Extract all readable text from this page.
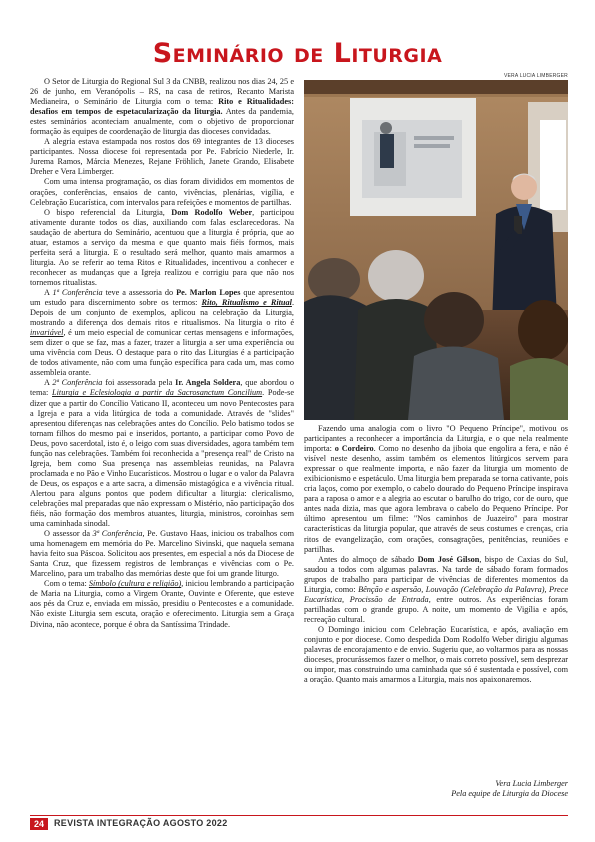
Seminário de Liturgia

O Setor de Liturgia do Regional Sul 3 da CNBB, realizou nos dias 24, 25 e 26 de junho, em Veranópolis – RS, na casa de retiros, Recanto Marista Medianeira, o Seminário de Liturgia com o tema: Rito e Ritualidades: desafios em tempos de espetacularização da liturgia. Antes da pandemia, estes seminários aconteciam anualmente, com o objetivo de proporcionar formação às equipes de coordenação de liturgia das dioceses convidadas.

A alegria estava estampada nos rostos dos 69 integrantes de 13 dioceses participantes. Nossa diocese foi representada por Pe. Fabrício Niederle, Ir. Jurema Ramos, Márcia Menezes, Rejane Fröhlich, Janete Grando, Elisabete Dreher e Vera Limberger.

Com uma intensa programação, os dias foram divididos em momentos de orações, conferências, ensaios de canto, vivências, plenárias, vigília, e Celebração Eucarística, com intervalos para refeições e momentos de partilhas.

O bispo referencial da Liturgia, Dom Rodolfo Weber, participou ativamente durante todos os dias, auxiliando com falas esclarecedoras. Na saudação de abertura do Seminário, acentuou que a liturgia é própria, que ao atuar, estamos a serviço da mesma e que quanto mais fiéis formos, mais perfeita será a liturgia. E o resultado será melhor, quanto mais amarmos a liturgia. Ao se referir ao tema Ritos e Ritualidades, incentivou a conhecer e reconhecer as mudanças que a Igreja realizou e corrigiu para que não nos tornemos ritualistas.

A 1ª Conferência teve a assessoria do Pe. Marlon Lopes que apresentou um estudo para discernimento sobre os termos: Rito, Ritualismo e Ritual. Depois de um conjunto de exemplos, aplicou na celebração da Liturgia, mostrando a diferença dos demais ritos e ritualismos. Na liturgia o rito é invariável, é um meio especial de comunicar certas mensagens e informações, sem dizer o que se faz, mas a fazer, trazer a liturgia a ser uma experiência ou uma vivência com Deus. O destaque para o rito das Liturgias é a participação de todos ativamente, não com uma função específica para cada um, mas como assembleia orante.

A 2ª Conferência foi assessorada pela Ir. Angela Soldera, que abordou o tema: Liturgia e Eclesiologia a partir da Sacrosanctum Concilium. Pode-se dizer que a partir do Concílio Vaticano II, aconteceu um novo Pentecostes para a Igreja e para a vida litúrgica de toda a comunidade. Através de "slides" apresentou diferenças nas celebrações antes do Concílio. Pelo batismo todos se tornam filhos do mesmo pai e inseridos, portanto, a participar como Povo de Deus, povo sacerdotal, isto é, o leigo com suas diversidades, agora também tem função nas celebrações. Também foi reconhecida a "presença real" de Cristo na Igreja, bem como Sua presença nas assembleias reunidas, na Palavra proclamada e no Pão e Vinho Eucarísticos. Mostrou o lugar e o valor da Palavra de Deus, os espaços e a arte sacra, a dimensão mistagógica e a vivência ritual. Alertou para alguns pontos que podem dificultar a liturgia: clericalismo, celebrações mal preparadas que não expressam o Mistério, não participação dos fiéis, não formação dos membros atuantes, liturgia, ministros, coroinhas sem uma caminhada sinodal.

O assessor da 3ª Conferência, Pe. Gustavo Haas, iniciou os trabalhos com uma homenagem em memória do Pe. Marcelino Sivinski, que naquela semana havia feito sua Páscoa. Solicitou aos presentes, em especial a nós da Diocese de Santa Cruz, que fizessem registros de lembranças e vivências com o Pe. Marcelino, para um trabalho das memórias deste que foi um grande liturgo.

Com o tema: Símbolo (cultura e religião), iniciou lembrando a participação de Maria na Liturgia, como a Virgem Orante, Ouvinte e Oferente, que esteve aos pés da Cruz e, enviada em missão, presidiu o Pentecostes e a comunidade. Não existe Liturgia sem escuta, oração e oferecimento. Liturgia sem a Graça Divina, não acontece, porque é obra da Santíssima Trindade.

VERA LUCIA LIMBERGER

Fazendo uma analogia com o livro "O Pequeno Príncipe", motivou os participantes a reconhecer a importância da Liturgia, e o que nela realmente importa: o Cordeiro. Como no desenho da jiboia que engolira a fera, e não é visível neste desenho, assim também os elementos litúrgicos servem para expressar o que realmente importa, e não fazer da liturgia um momento de exibicionismo e espetáculo. Uma liturgia bem preparada se torna cativante, pois cria laços, como por exemplo, o cabelo dourado do Pequeno Príncipe inspirava para a raposa o amor e a alegria ao escutar o barulho do trigo, cor de ouro, que antes nada dizia, mas que agora lembrava o cabelo do Pequeno Príncipe. Por último apresentou um filme: "Nos caminhos de Juazeiro" para mostrar características da liturgia popular, que através de seus costumes e crenças, cria ritos de evangelização, com orações, consagrações, penitências, reuniões e partilhas.

Antes do almoço de sábado Dom José Gilson, bispo de Caxias do Sul, saudou a todos com algumas palavras. Na tarde de sábado foram formados grupos de trabalho para participar de vivências de diferentes momentos da Liturgia, como: Bênção e aspersão, Louvação (Celebração da Palavra), Prece Eucarística, Procissão de Entrada, entre outros. As experiências foram partilhadas com o grande grupo. A noite, um momento de Vigília e após, recreação cultural.

O Domingo iniciou com Celebração Eucarística, e após, avaliação em conjunto e por diocese. Como despedida Dom Rodolfo Weber dirigiu algumas palavras de encorajamento e de envio. Sugeriu que, ao voltarmos para as nossas dioceses, procurássemos fazer o melhor, o mais correto possível, sem desprezar ou impor, mas construindo uma caminhada que só é sustentada e possível, com a oração. Quanto mais amarmos a Liturgia, mais nos apaixonaremos.

Vera Lucia Limberger
Pela equipe de Liturgia da Diocese
24	REVISTA INTEGRAÇÃO AGOSTO 2022
